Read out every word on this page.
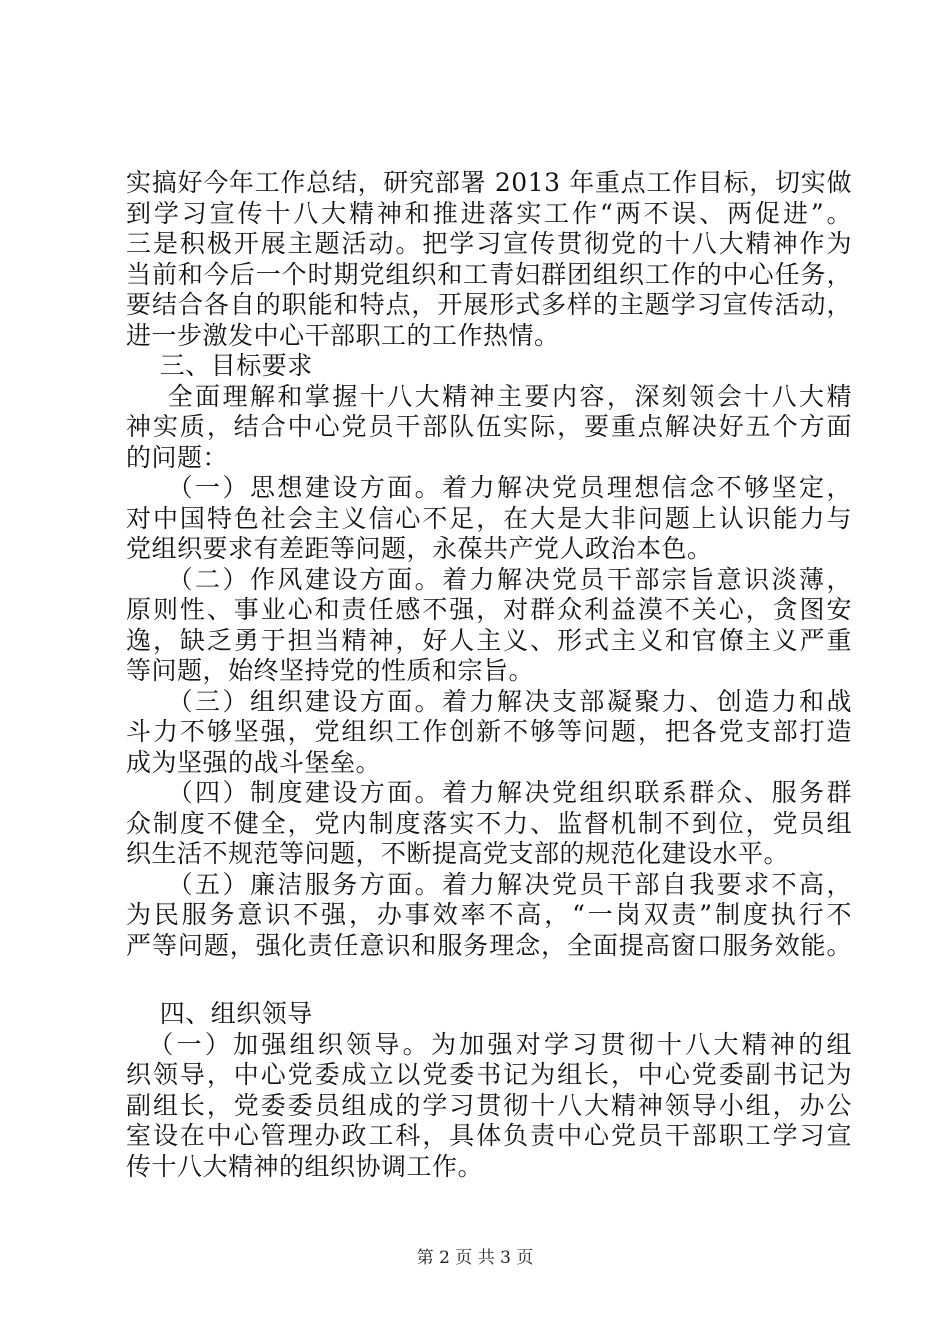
实搞好今年工作总结，研究部署 2013 年重点工作目标，切实做
到学习宣传十八大精神和推进落实工作“两不误、两促进”。
三是积极开展主题活动。把学习宣传贯彻党的十八大精神作为
当前和今后一个时期党组织和工青妇群团组织工作的中心任务，
要结合各自的职能和特点，开展形式多样的主题学习宣传活动，
进一步激发中心干部职工的工作热情。
三、目标要求
全面理解和掌握十八大精神主要内容，深刻领会十八大精
神实质，结合中心党员干部队伍实际，要重点解决好五个方面
的问题：
（一）思想建设方面。着力解决党员理想信念不够坚定，
对中国特色社会主义信心不足，在大是大非问题上认识能力与
党组织要求有差距等问题，永葆共产党人政治本色。
（二）作风建设方面。着力解决党员干部宗旨意识淡薄，
原则性、事业心和责任感不强，对群众利益漠不关心，贪图安
逸，缺乏勇于担当精神，好人主义、形式主义和官僚主义严重
等问题，始终坚持党的性质和宗旨。
（三）组织建设方面。着力解决支部凝聚力、创造力和战
斗力不够坚强，党组织工作创新不够等问题，把各党支部打造
成为坚强的战斗堡垒。
（四）制度建设方面。着力解决党组织联系群众、服务群
众制度不健全，党内制度落实不力、监督机制不到位，党员组
织生活不规范等问题，不断提高党支部的规范化建设水平。
（五）廉洁服务方面。着力解决党员干部自我要求不高，
为民服务意识不强，办事效率不高，“一岗双责”制度执行不
严等问题，强化责任意识和服务理念，全面提高窗口服务效能。
四、组织领导
（一）加强组织领导。为加强对学习贯彻十八大精神的组
织领导，中心党委成立以党委书记为组长，中心党委副书记为
副组长，党委委员组成的学习贯彻十八大精神领导小组，办公
室设在中心管理办政工科，具体负责中心党员干部职工学习宣
传十八大精神的组织协调工作。
第 2 页 共 3 页
